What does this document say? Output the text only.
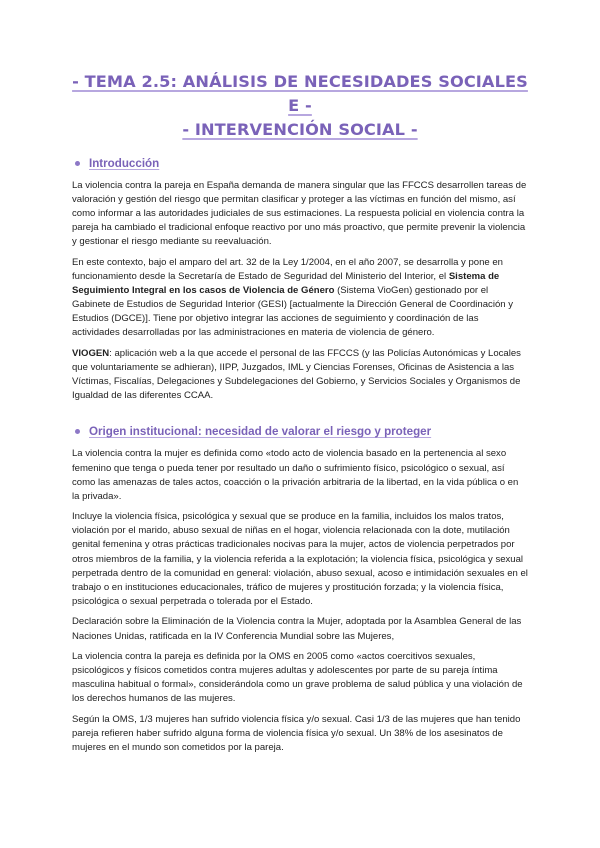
- TEMA 2.5: ANÁLISIS DE NECESIDADES SOCIALES E -
- INTERVENCIÓN SOCIAL -
Introducción

La violencia contra la pareja en España demanda de manera singular que las FFCCS desarrollen tareas de valoración y gestión del riesgo que permitan clasificar y proteger a las víctimas en función del mismo, así como informar a las autoridades judiciales de sus estimaciones. La respuesta policial en violencia contra la pareja ha cambiado el tradicional enfoque reactivo por uno más proactivo, que permite prevenir la violencia y gestionar el riesgo mediante su reevaluación.

En este contexto, bajo el amparo del art. 32 de la Ley 1/2004, en el año 2007, se desarrolla y pone en funcionamiento desde la Secretaría de Estado de Seguridad del Ministerio del Interior, el Sistema de Seguimiento Integral en los casos de Violencia de Género (Sistema VioGen) gestionado por el Gabinete de Estudios de Seguridad Interior (GESI) [actualmente la Dirección General de Coordinación y Estudios (DGCE)]. Tiene por objetivo integrar las acciones de seguimiento y coordinación de las actividades desarrolladas por las administraciones en materia de violencia de género.

VIOGEN: aplicación web a la que accede el personal de las FFCCS (y las Policías Autonómicas y Locales que voluntariamente se adhieran), IIPP, Juzgados, IML y Ciencias Forenses, Oficinas de Asistencia a las Víctimas, Fiscalías, Delegaciones y Subdelegaciones del Gobierno, y Servicios Sociales y Organismos de Igualdad de las diferentes CCAA.

Origen institucional: necesidad de valorar el riesgo y proteger

La violencia contra la mujer es definida como «todo acto de violencia basado en la pertenencia al sexo femenino que tenga o pueda tener por resultado un daño o sufrimiento físico, psicológico o sexual, así como las amenazas de tales actos, coacción o la privación arbitraria de la libertad, en la vida pública o en la privada».

Incluye la violencia física, psicológica y sexual que se produce en la familia, incluidos los malos tratos, violación por el marido, abuso sexual de niñas en el hogar, violencia relacionada con la dote, mutilación genital femenina y otras prácticas tradicionales nocivas para la mujer, actos de violencia perpetrados por otros miembros de la familia, y la violencia referida a la explotación; la violencia física, psicológica y sexual perpetrada dentro de la comunidad en general: violación, abuso sexual, acoso e intimidación sexuales en el trabajo o en instituciones educacionales, tráfico de mujeres y prostitución forzada; y la violencia física, psicológica o sexual perpetrada o tolerada por el Estado.

Declaración sobre la Eliminación de la Violencia contra la Mujer, adoptada por la Asamblea General de las Naciones Unidas, ratificada en la IV Conferencia Mundial sobre las Mujeres,

La violencia contra la pareja es definida por la OMS en 2005 como «actos coercitivos sexuales, psicológicos y físicos cometidos contra mujeres adultas y adolescentes por parte de su pareja íntima masculina habitual o formal», considerándola como un grave problema de salud pública y una violación de los derechos humanos de las mujeres.

Según la OMS, 1/3 mujeres han sufrido violencia física y/o sexual. Casi 1/3 de las mujeres que han tenido pareja refieren haber sufrido alguna forma de violencia física y/o sexual. Un 38% de los asesinatos de mujeres en el mundo son cometidos por la pareja.
